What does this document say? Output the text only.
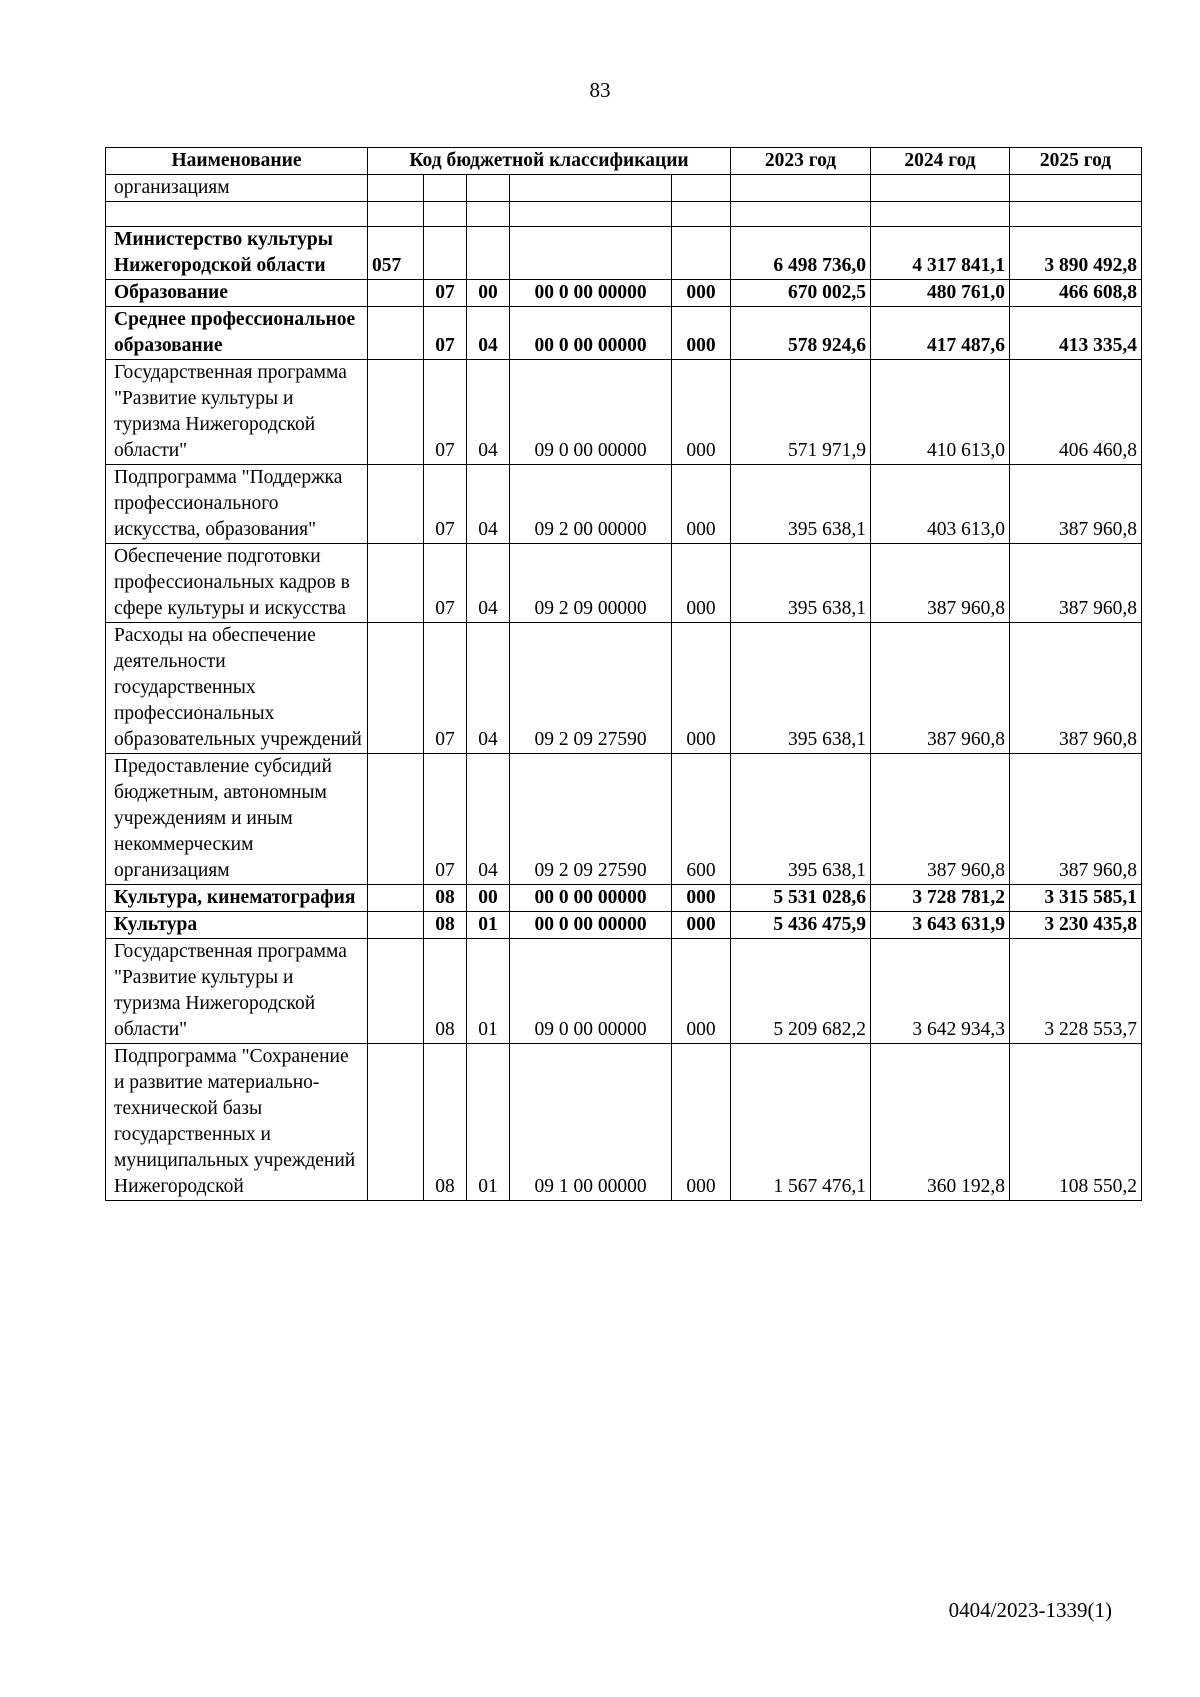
83
Наименование	Код бюджетной классификации					2023 год	2024 год	2025 год
организациям								

Министерство культуры Нижегородской области	057					6 498 736,0	4 317 841,1	3 890 492,8
Образование		07	00	00 0 00 00000	000	670 002,5	480 761,0	466 608,8
Среднее профессиональное образование		07	04	00 0 00 00000	000	578 924,6	417 487,6	413 335,4
Государственная программа "Развитие культуры и туризма Нижегородской области"		07	04	09 0 00 00000	000	571 971,9	410 613,0	406 460,8
Подпрограмма "Поддержка профессионального искусства, образования"		07	04	09 2 00 00000	000	395 638,1	403 613,0	387 960,8
Обеспечение подготовки профессиональных кадров в сфере культуры и искусства		07	04	09 2 09 00000	000	395 638,1	387 960,8	387 960,8
Расходы на обеспечение деятельности государственных профессиональных образовательных учреждений		07	04	09 2 09 27590	000	395 638,1	387 960,8	387 960,8
Предоставление субсидий бюджетным, автономным учреждениям и иным некоммерческим организациям		07	04	09 2 09 27590	600	395 638,1	387 960,8	387 960,8
Культура, кинематография		08	00	00 0 00 00000	000	5 531 028,6	3 728 781,2	3 315 585,1
Культура		08	01	00 0 00 00000	000	5 436 475,9	3 643 631,9	3 230 435,8
Государственная программа "Развитие культуры и туризма Нижегородской области"		08	01	09 0 00 00000	000	5 209 682,2	3 642 934,3	3 228 553,7
Подпрограмма "Сохранение и развитие материально-технической базы государственных и муниципальных учреждений Нижегородской		08	01	09 1 00 00000	000	1 567 476,1	360 192,8	108 550,2
0404/2023-1339(1)
